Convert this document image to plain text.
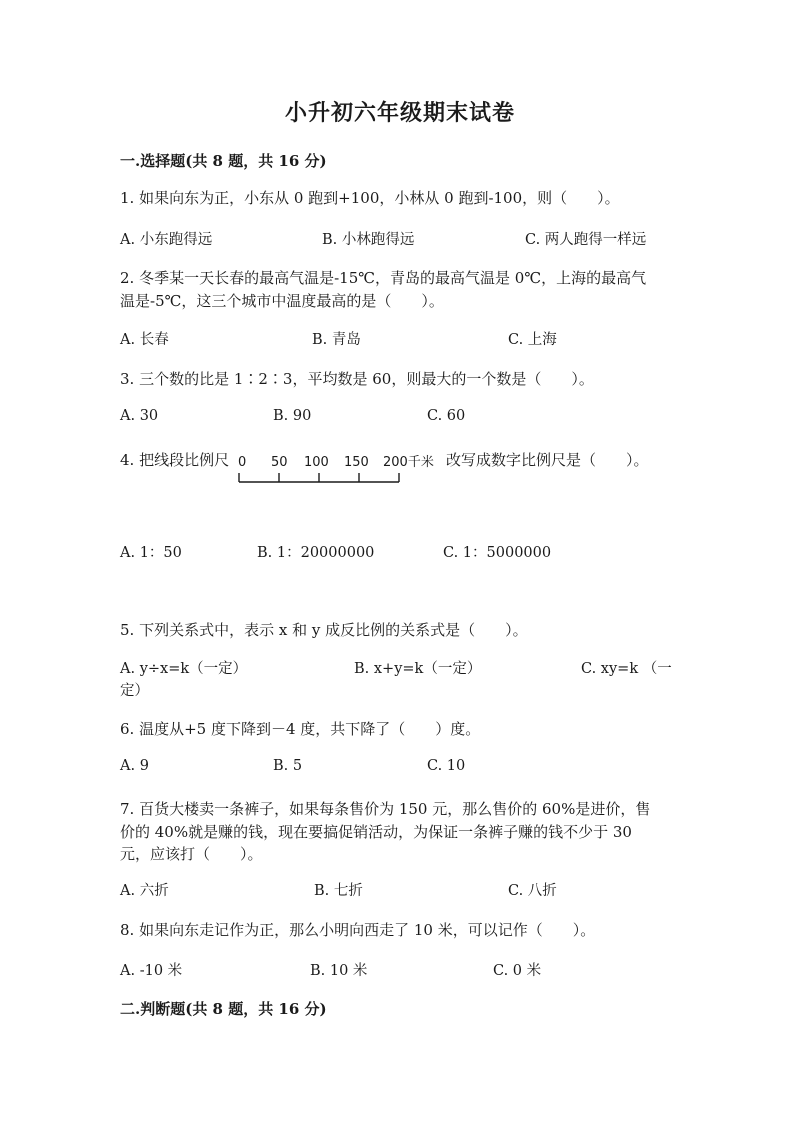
小升初六年级期末试卷
一.选择题(共 8 题，共 16 分)
1. 如果向东为正，小东从 0 跑到+100，小林从 0 跑到-100，则（　　）。
A. 小东跑得远	B. 小林跑得远	C. 两人跑得一样远
2. 冬季某一天长春的最高气温是-15℃，青岛的最高气温是 0℃，上海的最高气
温是-5℃，这三个城市中温度最高的是（　　）。
A. 长春	B. 青岛	C. 上海
3. 三个数的比是 1∶2∶3，平均数是 60，则最大的一个数是（　　）。
A. 30	B. 90	C. 60
4. 把线段比例尺 0 50 100 150 200千米 改写成数字比例尺是（　　）。
A. 1：50	B. 1：20000000	C. 1：5000000
5. 下列关系式中，表示 x 和 y 成反比例的关系式是（　　）。
A. y÷x=k（一定）	B. x+y=k（一定）	C. xy=k （一
定）
6. 温度从+5 度下降到－4 度，共下降了（　　）度。
A. 9	B. 5	C. 10
7. 百货大楼卖一条裤子，如果每条售价为 150 元，那么售价的 60%是进价，售
价的 40%就是赚的钱，现在要搞促销活动，为保证一条裤子赚的钱不少于 30
元，应该打（　　）。
A. 六折	B. 七折	C. 八折
8. 如果向东走记作为正，那么小明向西走了 10 米，可以记作（　　）。
A. -10 米	B. 10 米	C. 0 米
二.判断题(共 8 题，共 16 分)
